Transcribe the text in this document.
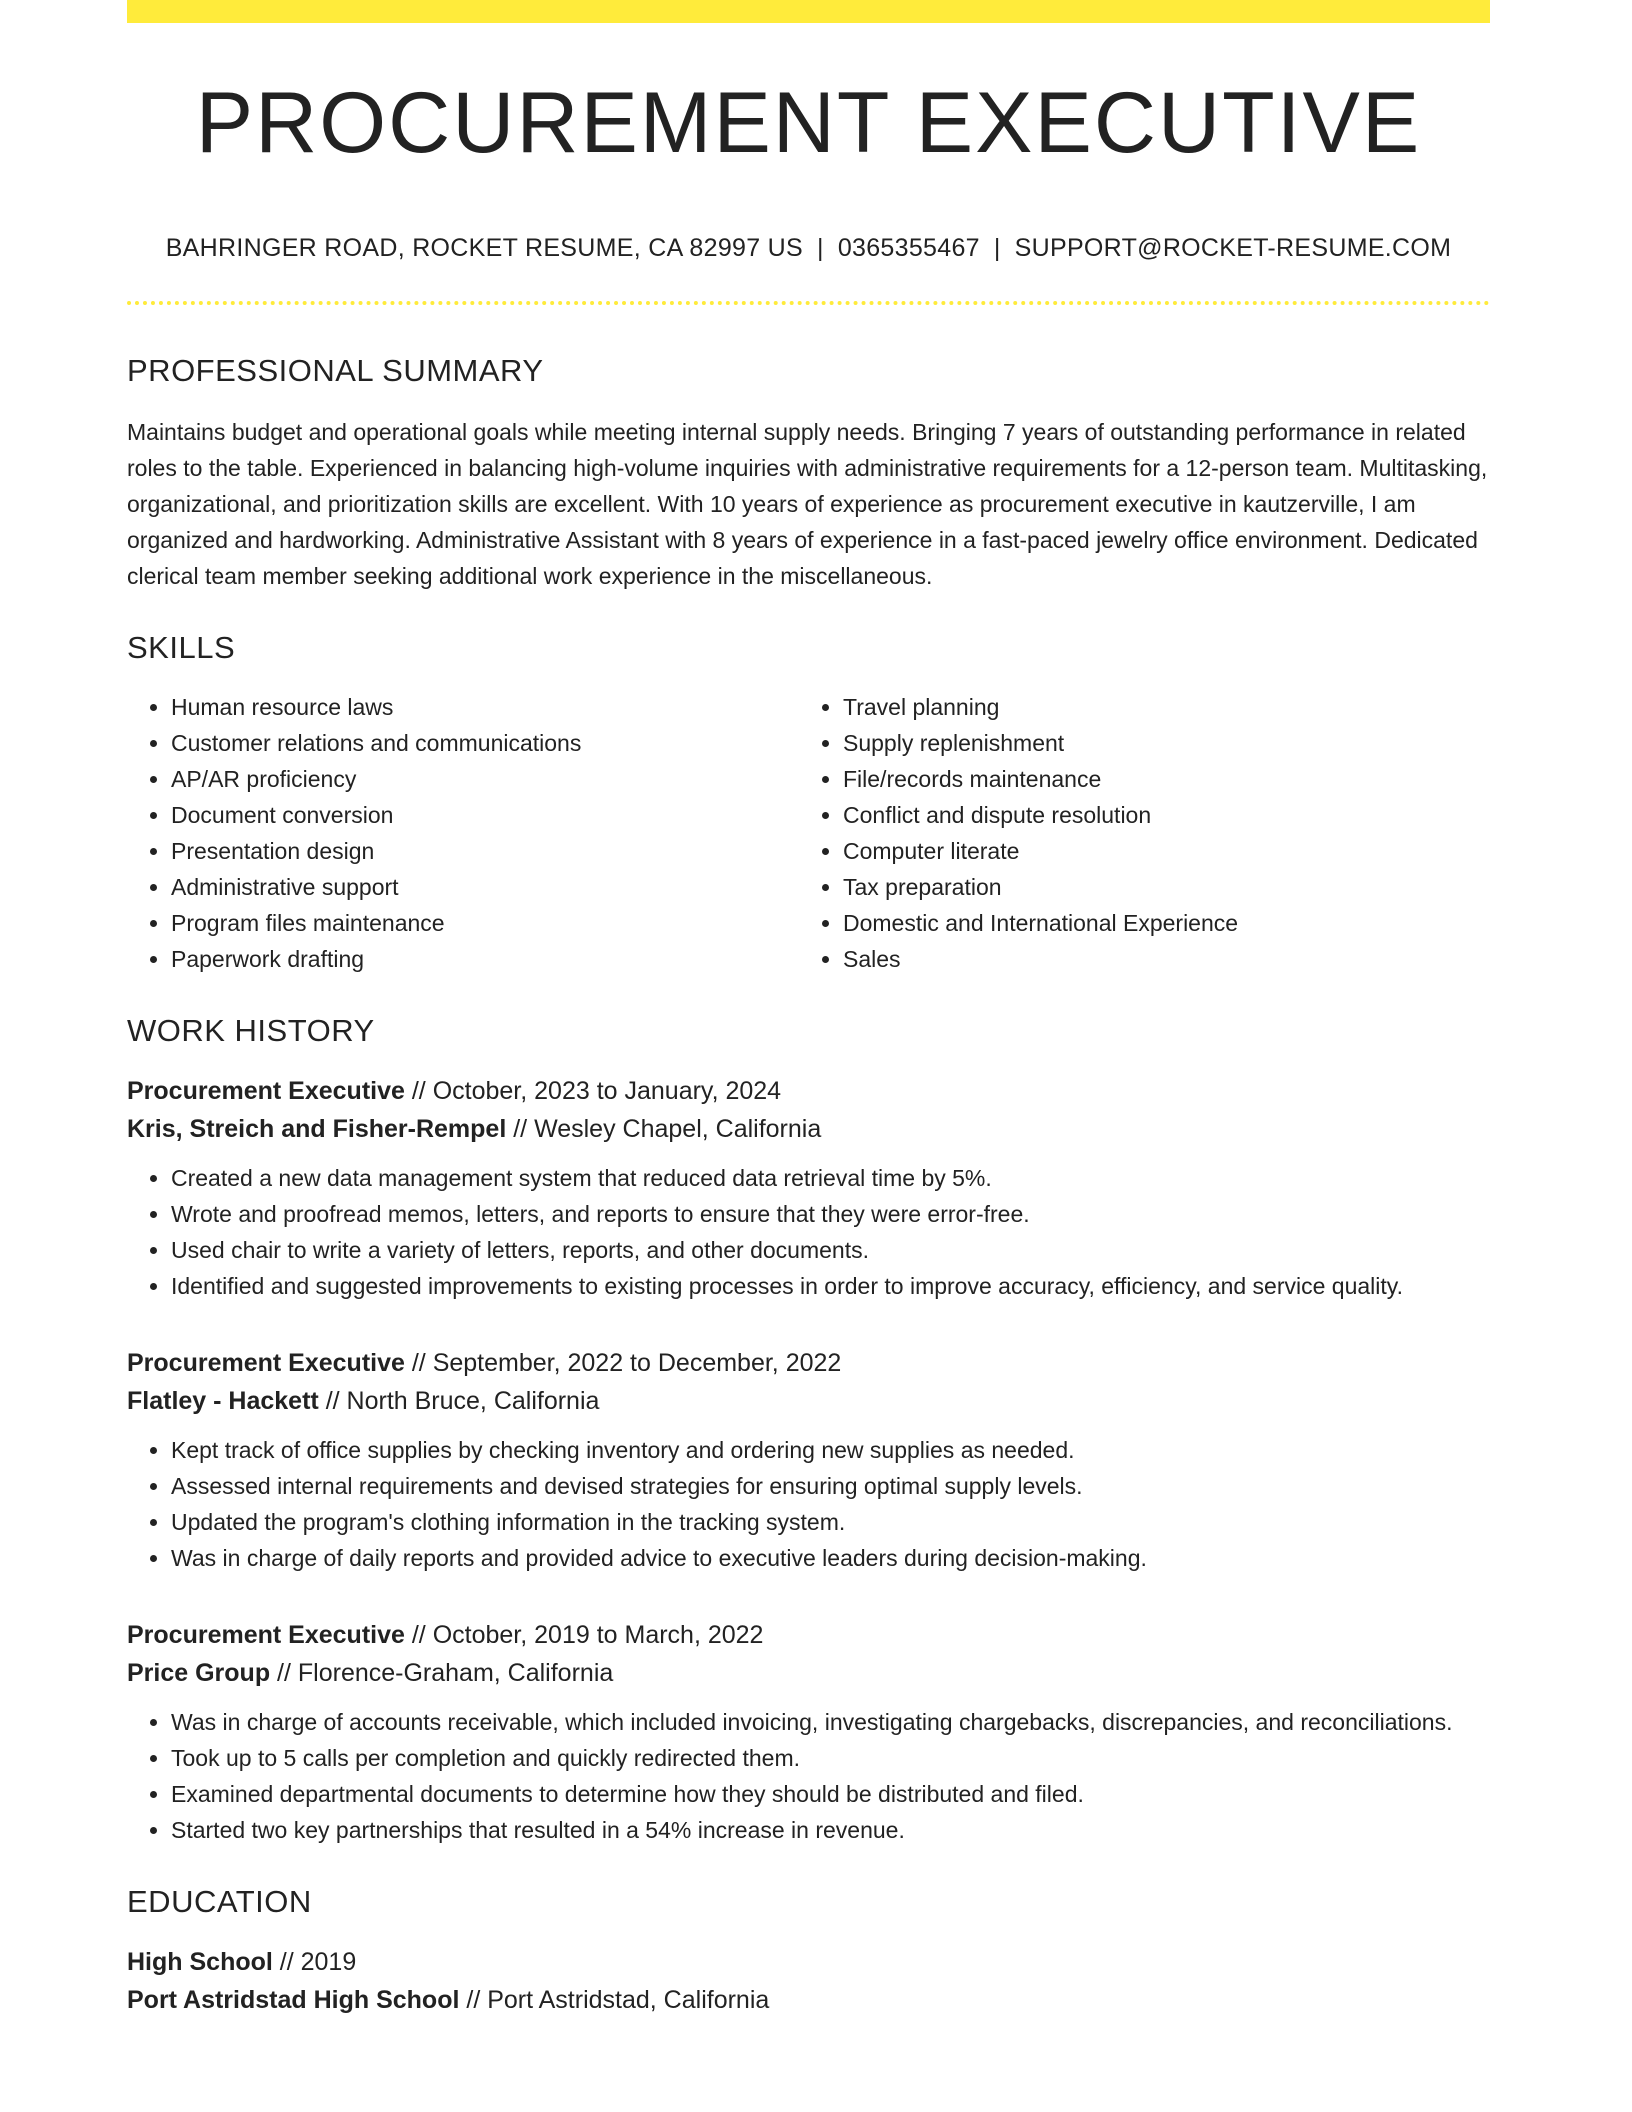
PROCUREMENT EXECUTIVE
BAHRINGER ROAD, ROCKET RESUME, CA 82997 US | 0365355467 | SUPPORT@ROCKET-RESUME.COM
PROFESSIONAL SUMMARY
Maintains budget and operational goals while meeting internal supply needs. Bringing 7 years of outstanding performance in related roles to the table. Experienced in balancing high-volume inquiries with administrative requirements for a 12-person team. Multitasking, organizational, and prioritization skills are excellent. With 10 years of experience as procurement executive in kautzerville, I am organized and hardworking. Administrative Assistant with 8 years of experience in a fast-paced jewelry office environment. Dedicated clerical team member seeking additional work experience in the miscellaneous.
SKILLS
• Human resource laws
• Customer relations and communications
• AP/AR proficiency
• Document conversion
• Presentation design
• Administrative support
• Program files maintenance
• Paperwork drafting
• Travel planning
• Supply replenishment
• File/records maintenance
• Conflict and dispute resolution
• Computer literate
• Tax preparation
• Domestic and International Experience
• Sales
WORK HISTORY
Procurement Executive // October, 2023 to January, 2024
Kris, Streich and Fisher-Rempel // Wesley Chapel, California
• Created a new data management system that reduced data retrieval time by 5%.
• Wrote and proofread memos, letters, and reports to ensure that they were error-free.
• Used chair to write a variety of letters, reports, and other documents.
• Identified and suggested improvements to existing processes in order to improve accuracy, efficiency, and service quality.
Procurement Executive // September, 2022 to December, 2022
Flatley - Hackett // North Bruce, California
• Kept track of office supplies by checking inventory and ordering new supplies as needed.
• Assessed internal requirements and devised strategies for ensuring optimal supply levels.
• Updated the program's clothing information in the tracking system.
• Was in charge of daily reports and provided advice to executive leaders during decision-making.
Procurement Executive // October, 2019 to March, 2022
Price Group // Florence-Graham, California
• Was in charge of accounts receivable, which included invoicing, investigating chargebacks, discrepancies, and reconciliations.
• Took up to 5 calls per completion and quickly redirected them.
• Examined departmental documents to determine how they should be distributed and filed.
• Started two key partnerships that resulted in a 54% increase in revenue.
EDUCATION
High School // 2019
Port Astridstad High School // Port Astridstad, California
